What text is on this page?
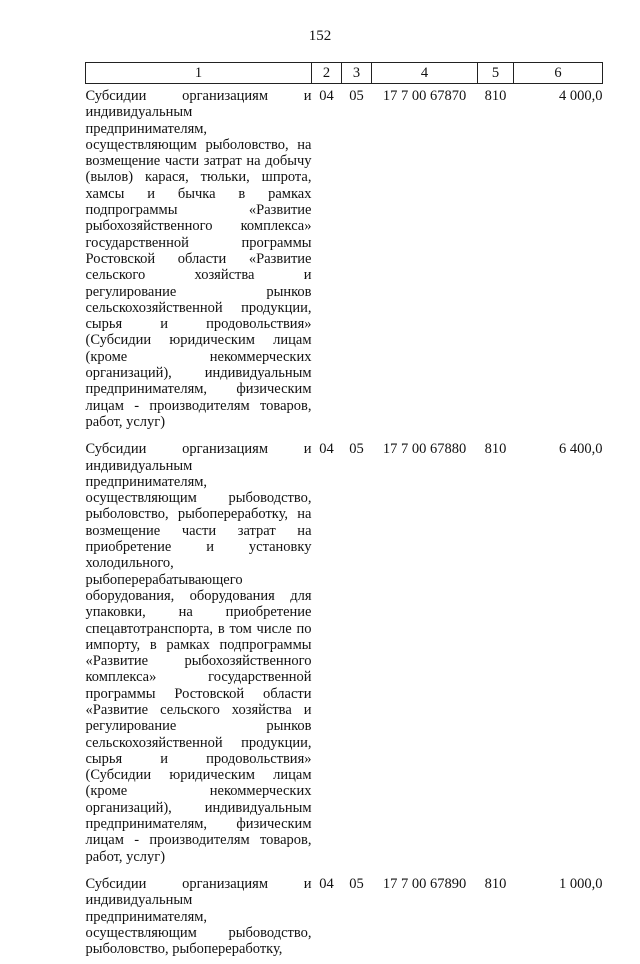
152
1	2	3	4	5	6
Субсидии организациям и индивидуальным предпринимателям, осуществляющим рыболовство, на возмещение части затрат на добычу (вылов) карася, тюльки, шпрота, хамсы и бычка в рамках подпрограммы «Развитие рыбохозяйственного комплекса» государственной программы Ростовской области «Развитие сельского хозяйства и регулирование рынков сельскохозяйственной продукции, сырья и продовольствия» (Субсидии юридическим лицам (кроме некоммерческих организаций), индивидуальным предпринимателям, физическим лицам - производителям товаров, работ, услуг)	04	05	17 7 00 67870	810	4 000,0
Субсидии организациям и индивидуальным предпринимателям, осуществляющим рыбоводство, рыболовство, рыбопереработку, на возмещение части затрат на приобретение и установку холодильного, рыбоперерабатывающего оборудования, оборудования для упаковки, на приобретение спецавтотранспорта, в том числе по импорту, в рамках подпрограммы «Развитие рыбохозяйственного комплекса» государственной программы Ростовской области «Развитие сельского хозяйства и регулирование рынков сельскохозяйственной продукции, сырья и продовольствия» (Субсидии юридическим лицам (кроме некоммерческих организаций), индивидуальным предпринимателям, физическим лицам - производителям товаров, работ, услуг)	04	05	17 7 00 67880	810	6 400,0
Субсидии организациям и индивидуальным предпринимателям, осуществляющим рыбоводство, рыболовство, рыбопереработку,	04	05	17 7 00 67890	810	1 000,0
